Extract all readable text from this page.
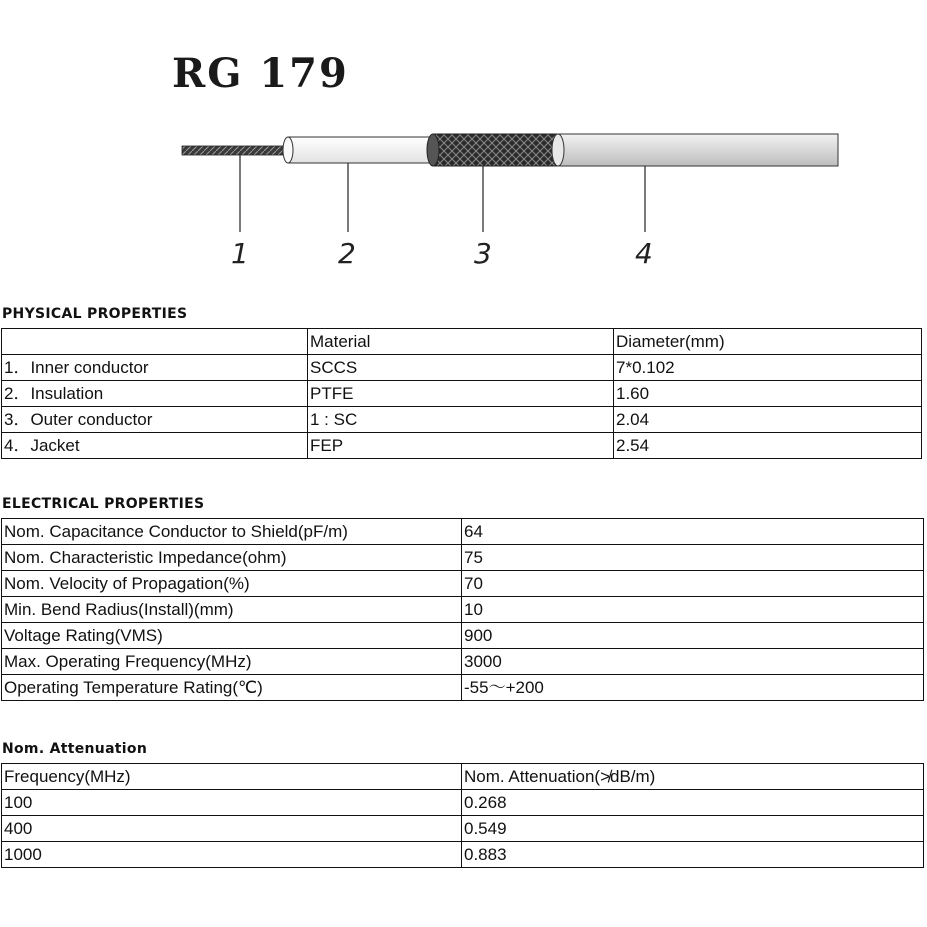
RG 179
1	2	3	4
PHYSICAL PROPERTIES
	Material	Diameter(mm)
1．Inner conductor	SCCS	7*0.102
2．Insulation	PTFE	1.60
3．Outer conductor	1 : SC	2.04
4．Jacket	FEP	2.54
ELECTRICAL PROPERTIES
Nom. Capacitance Conductor to Shield(pF/m)	64
Nom. Characteristic Impedance(ohm)	75
Nom. Velocity of Propagation(%)	70
Min. Bend Radius(Install)(mm)	10
Voltage Rating(VMS)	900
Max. Operating Frequency(MHz)	3000
Operating Temperature Rating(℃)	-55～+200
Nom. Attenuation
Frequency(MHz)	Nom. Attenuation(≯dB/m)
100	0.268
400	0.549
1000	0.883
